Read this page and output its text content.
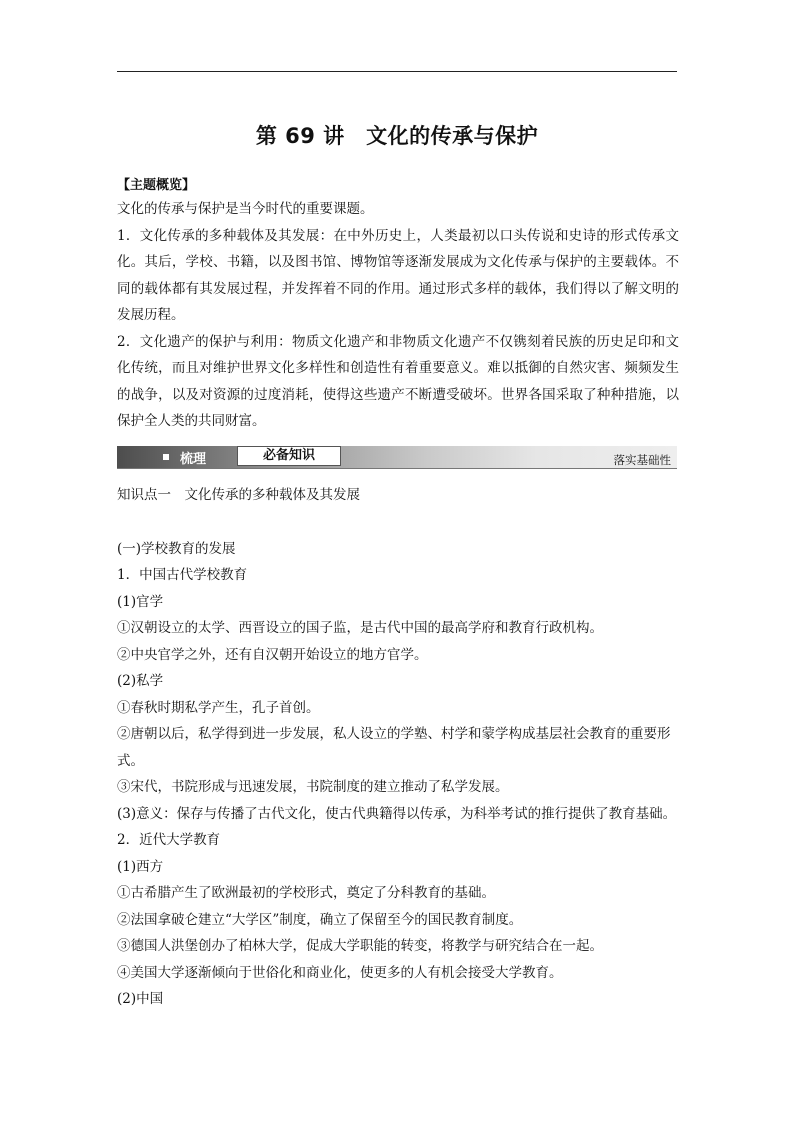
第 69 讲　文化的传承与保护
【主题概览】

文化的传承与保护是当今时代的重要课题。

1．文化传承的多种载体及其发展：在中外历史上，人类最初以口头传说和史诗的形式传承文化。其后，学校、书籍，以及图书馆、博物馆等逐渐发展成为文化传承与保护的主要载体。不同的载体都有其发展过程，并发挥着不同的作用。通过形式多样的载体，我们得以了解文明的发展历程。

2．文化遗产的保护与利用：物质文化遗产和非物质文化遗产不仅镌刻着民族的历史足印和文化传统，而且对维护世界文化多样性和创造性有着重要意义。难以抵御的自然灾害、频频发生的战争，以及对资源的过度消耗，使得这些遗产不断遭受破坏。世界各国采取了种种措施，以保护全人类的共同财富。

梳理	必备知识	落实基础性

知识点一　文化传承的多种载体及其发展

(一)学校教育的发展

1．中国古代学校教育

(1)官学

①汉朝设立的太学、西晋设立的国子监，是古代中国的最高学府和教育行政机构。

②中央官学之外，还有自汉朝开始设立的地方官学。

(2)私学

①春秋时期私学产生，孔子首创。

②唐朝以后，私学得到进一步发展，私人设立的学塾、村学和蒙学构成基层社会教育的重要形式。

③宋代，书院形成与迅速发展，书院制度的建立推动了私学发展。

(3)意义：保存与传播了古代文化，使古代典籍得以传承，为科举考试的推行提供了教育基础。

2．近代大学教育

(1)西方

①古希腊产生了欧洲最初的学校形式，奠定了分科教育的基础。

②法国拿破仑建立“大学区”制度，确立了保留至今的国民教育制度。

③德国人洪堡创办了柏林大学，促成大学职能的转变，将教学与研究结合在一起。

④美国大学逐渐倾向于世俗化和商业化，使更多的人有机会接受大学教育。

(2)中国
